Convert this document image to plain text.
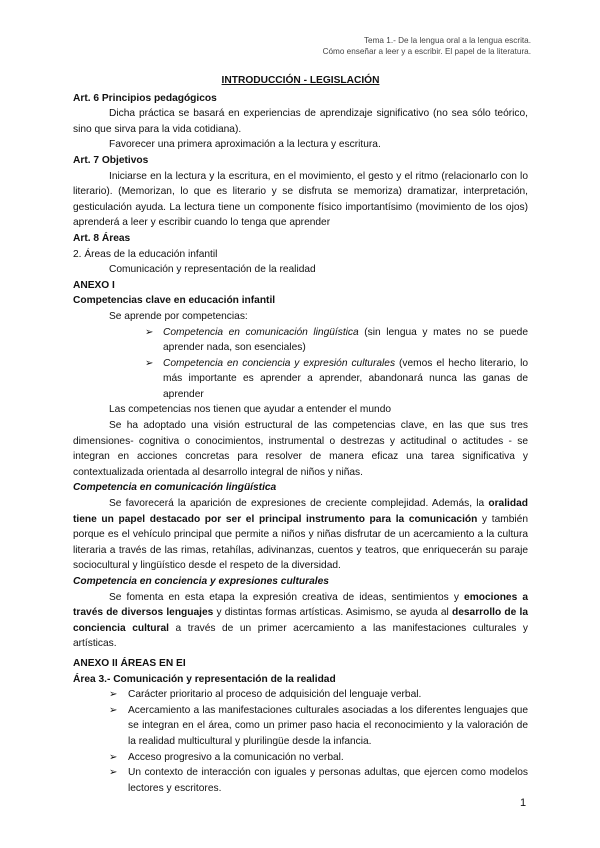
Tema 1.- De la lengua oral a la lengua escrita.
Cómo enseñar a leer y a escribir. El papel de la literatura.
INTRODUCCIÓN - LEGISLACIÓN
Art. 6 Principios pedagógicos

Dicha práctica se basará en experiencias de aprendizaje significativo (no sea sólo teórico, sino que sirva para la vida cotidiana).

Favorecer una primera aproximación a la lectura y escritura.

Art. 7 Objetivos

Iniciarse en la lectura y la escritura, en el movimiento, el gesto y el ritmo (relacionarlo con lo literario). (Memorizan, lo que es literario y se disfruta se memoriza) dramatizar, interpretación, gesticulación ayuda. La lectura tiene un componente físico importantísimo (movimiento de los ojos) aprenderá a leer y escribir cuando lo tenga que aprender

Art. 8 Áreas

2. Áreas de la educación infantil

Comunicación y representación de la realidad

ANEXO I
Competencias clave en educación infantil

Se aprende por competencias:

➢ Competencia en comunicación lingüística (sin lengua y mates no se puede aprender nada, son esenciales)
➢ Competencia en conciencia y expresión culturales (vemos el hecho literario, lo más importante es aprender a aprender, abandonará nunca las ganas de aprender

Las competencias nos tienen que ayudar a entender el mundo

Se ha adoptado una visión estructural de las competencias clave, en las que sus tres dimensiones- cognitiva o conocimientos, instrumental o destrezas y actitudinal o actitudes - se integran en acciones concretas para resolver de manera eficaz una tarea significativa y contextualizada orientada al desarrollo integral de niños y niñas.

Competencia en comunicación lingüística

Se favorecerá la aparición de expresiones de creciente complejidad. Además, la oralidad tiene un papel destacado por ser el principal instrumento para la comunicación y también porque es el vehículo principal que permite a niños y niñas disfrutar de un acercamiento a la cultura literaria a través de las rimas, retahílas, adivinanzas, cuentos y teatros, que enriquecerán su paraje sociocultural y lingüístico desde el respeto de la diversidad.

Competencia en conciencia y expresiones culturales

Se fomenta en esta etapa la expresión creativa de ideas, sentimientos y emociones a través de diversos lenguajes y distintas formas artísticas. Asimismo, se ayuda al desarrollo de la conciencia cultural a través de un primer acercamiento a las manifestaciones culturales y artísticas.

ANEXO II ÁREAS EN EI
Área 3.- Comunicación y representación de la realidad
➢ Carácter prioritario al proceso de adquisición del lenguaje verbal.
➢ Acercamiento a las manifestaciones culturales asociadas a los diferentes lenguajes que se integran en el área, como un primer paso hacia el reconocimiento y la valoración de la realidad multicultural y plurilingüe desde la infancia.
➢ Acceso progresivo a la comunicación no verbal.
➢ Un contexto de interacción con iguales y personas adultas, que ejercen como modelos lectores y escritores.
1
